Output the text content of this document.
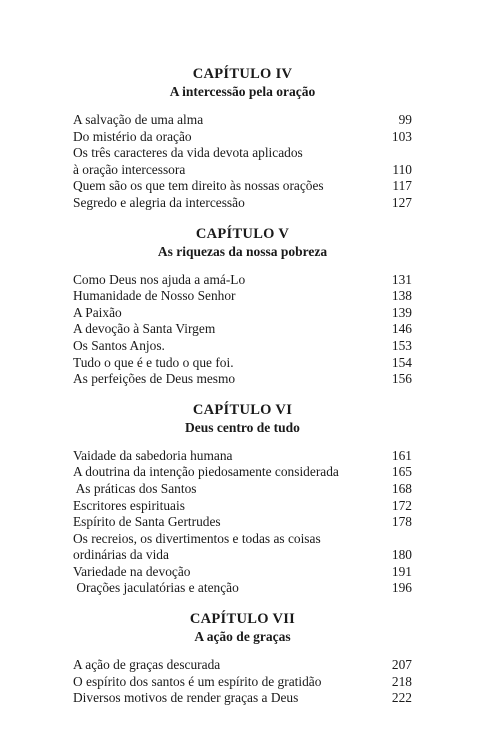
CAPÍTULO IV
A intercessão pela oração
A salvação de uma alma	99
Do mistério da oração	103
Os três caracteres da vida devota aplicados
à oração intercessora	110
Quem são os que tem direito às nossas orações	117
Segredo e alegria da intercessão	127
CAPÍTULO V
As riquezas da nossa pobreza
Como Deus nos ajuda a amá-Lo	131
Humanidade de Nosso Senhor	138
A Paixão	139
A devoção à Santa Virgem	146
Os Santos Anjos.	153
Tudo o que é e tudo o que foi.	154
As perfeições de Deus mesmo	156
CAPÍTULO VI
Deus centro de tudo
Vaidade da sabedoria humana	161
A doutrina da intenção piedosamente considerada	165
As práticas dos Santos	168
Escritores espirituais	172
Espírito de Santa Gertrudes	178
Os recreios, os divertimentos e todas as coisas
ordinárias da vida	180
Variedade na devoção	191
Orações jaculatórias e atenção	196
CAPÍTULO VII
A ação de graças
A ação de graças descurada	207
O espírito dos santos é um espírito de gratidão	218
Diversos motivos de render graças a Deus	222
